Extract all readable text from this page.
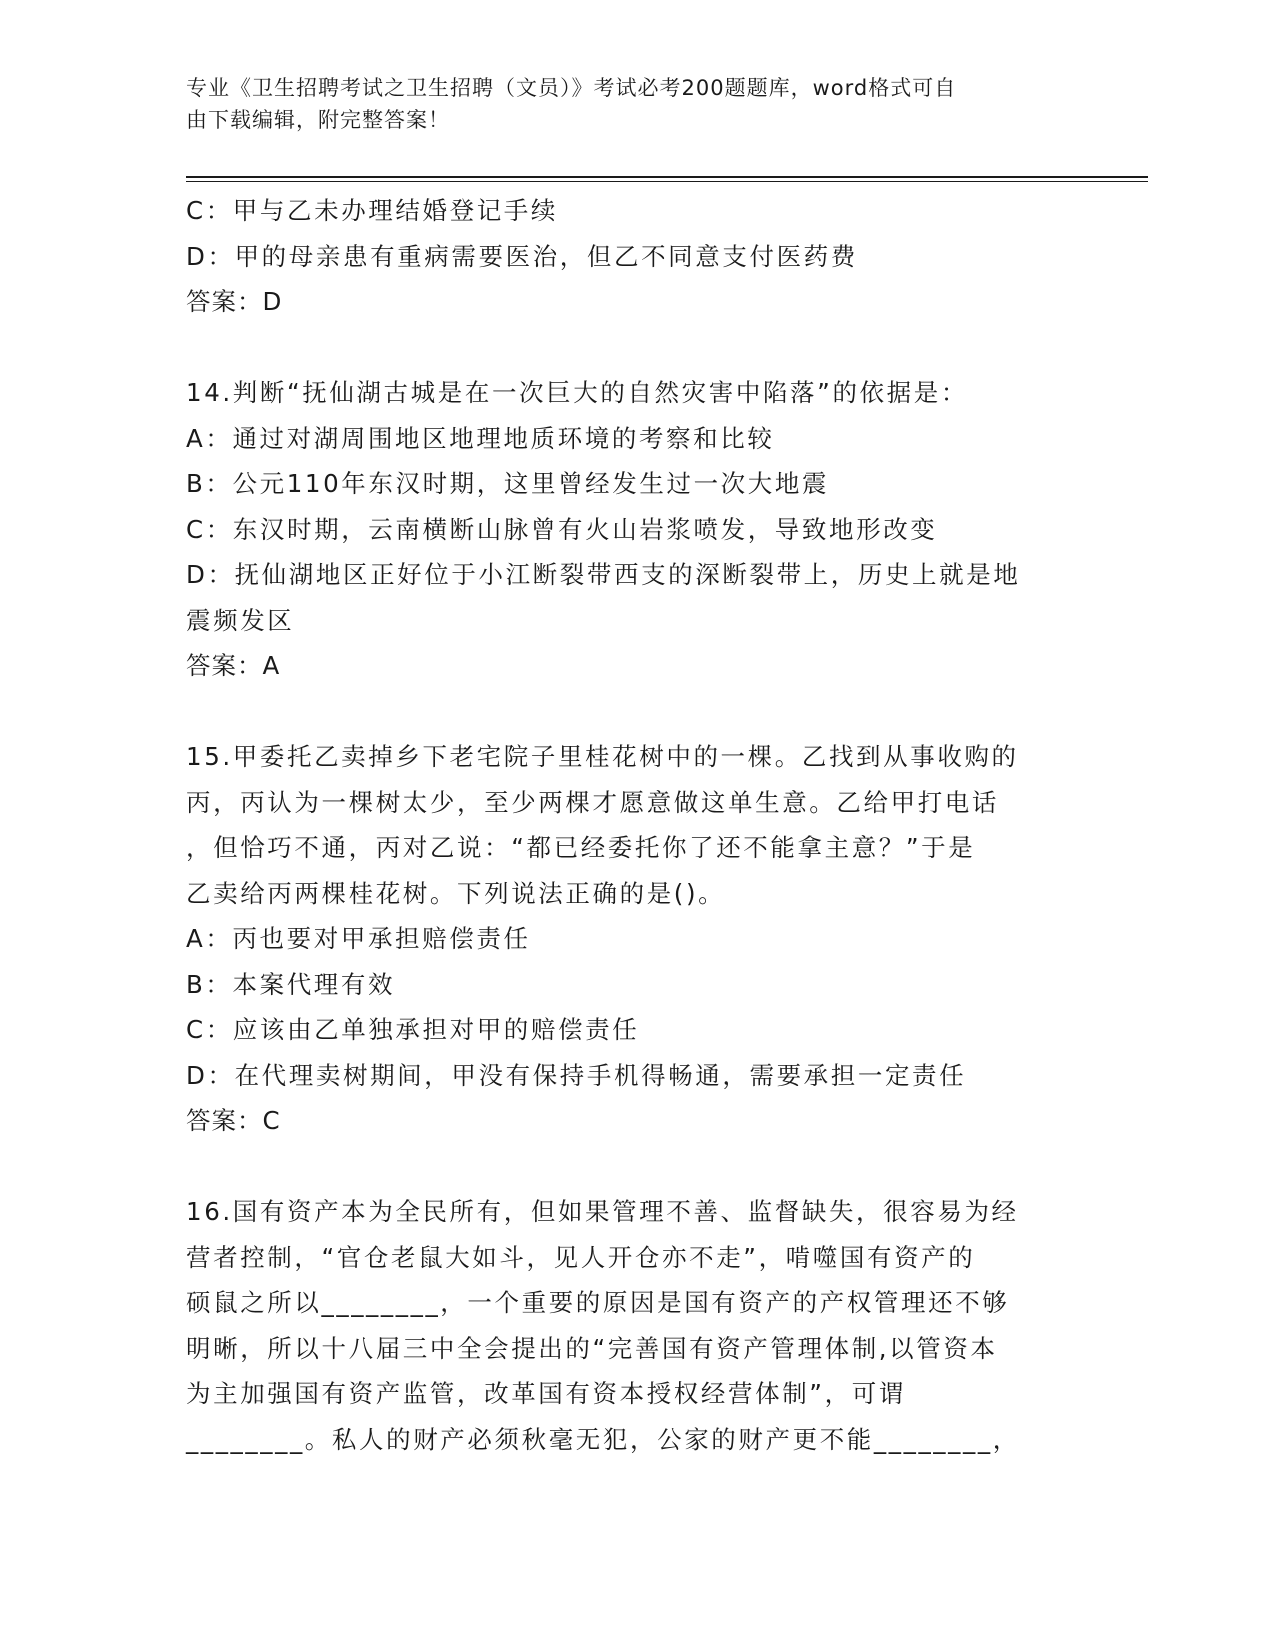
专业《卫生招聘考试之卫生招聘（文员）》考试必考200题题库，word格式可自
由下载编辑，附完整答案！
C：甲与乙未办理结婚登记手续
D：甲的母亲患有重病需要医治，但乙不同意支付医药费
答案：D
14.判断“抚仙湖古城是在一次巨大的自然灾害中陷落”的依据是：
A：通过对湖周围地区地理地质环境的考察和比较
B：公元110年东汉时期，这里曾经发生过一次大地震
C：东汉时期，云南横断山脉曾有火山岩浆喷发，导致地形改变
D：抚仙湖地区正好位于小江断裂带西支的深断裂带上，历史上就是地
震频发区
答案：A
15.甲委托乙卖掉乡下老宅院子里桂花树中的一棵。乙找到从事收购的
丙，丙认为一棵树太少，至少两棵才愿意做这单生意。乙给甲打电话
，但恰巧不通，丙对乙说：“都已经委托你了还不能拿主意？”于是
乙卖给丙两棵桂花树。下列说法正确的是()。
A：丙也要对甲承担赔偿责任
B：本案代理有效
C：应该由乙单独承担对甲的赔偿责任
D：在代理卖树期间，甲没有保持手机得畅通，需要承担一定责任
答案：C
16.国有资产本为全民所有，但如果管理不善、监督缺失，很容易为经
营者控制，“官仓老鼠大如斗，见人开仓亦不走”，啃噬国有资产的
硕鼠之所以________，一个重要的原因是国有资产的产权管理还不够
明晰，所以十八届三中全会提出的“完善国有资产管理体制,以管资本
为主加强国有资产监管，改革国有资本授权经营体制”，可谓
________。私人的财产必须秋毫无犯，公家的财产更不能________，
